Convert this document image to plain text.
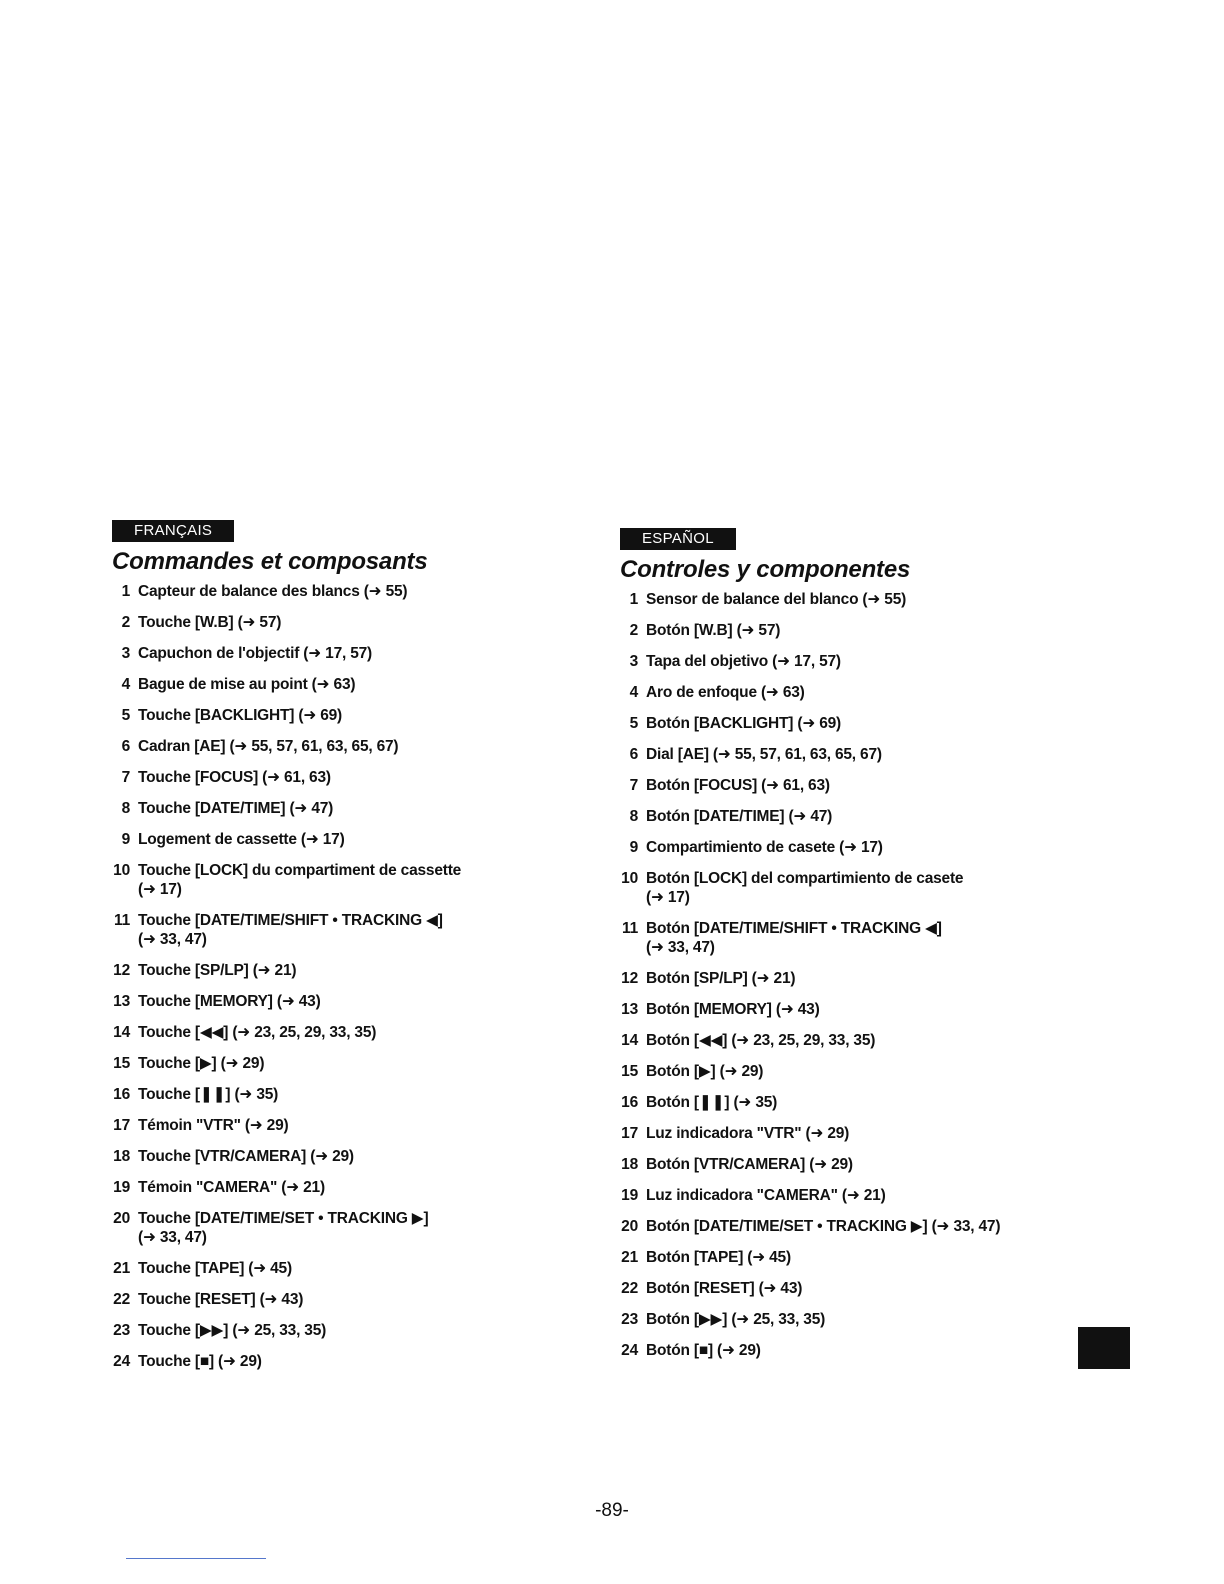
FRANÇAIS
Commandes et composants
1 Capteur de balance des blancs (➜ 55)
2 Touche [W.B] (➜ 57)
3 Capuchon de l'objectif (➜ 17, 57)
4 Bague de mise au point (➜ 63)
5 Touche [BACKLIGHT] (➜ 69)
6 Cadran [AE] (➜ 55, 57, 61, 63, 65, 67)
7 Touche [FOCUS] (➜ 61, 63)
8 Touche [DATE/TIME] (➜ 47)
9 Logement de cassette (➜ 17)
10 Touche [LOCK] du compartiment de cassette
(➜ 17)
11 Touche [DATE/TIME/SHIFT • TRACKING ◀]
(➜ 33, 47)
12 Touche [SP/LP] (➜ 21)
13 Touche [MEMORY] (➜ 43)
14 Touche [◀◀] (➜ 23, 25, 29, 33, 35)
15 Touche [▶] (➜ 29)
16 Touche [❚❚] (➜ 35)
17 Témoin "VTR" (➜ 29)
18 Touche [VTR/CAMERA] (➜ 29)
19 Témoin "CAMERA" (➜ 21)
20 Touche [DATE/TIME/SET • TRACKING ▶]
(➜ 33, 47)
21 Touche [TAPE] (➜ 45)
22 Touche [RESET] (➜ 43)
23 Touche [▶▶] (➜ 25, 33, 35)
24 Touche [■] (➜ 29)
ESPAÑOL
Controles y componentes
1 Sensor de balance del blanco (➜ 55)
2 Botón [W.B] (➜ 57)
3 Tapa del objetivo (➜ 17, 57)
4 Aro de enfoque (➜ 63)
5 Botón [BACKLIGHT] (➜ 69)
6 Dial [AE] (➜ 55, 57, 61, 63, 65, 67)
7 Botón [FOCUS] (➜ 61, 63)
8 Botón [DATE/TIME] (➜ 47)
9 Compartimiento de casete (➜ 17)
10 Botón [LOCK] del compartimiento de casete
(➜ 17)
11 Botón [DATE/TIME/SHIFT • TRACKING ◀]
(➜ 33, 47)
12 Botón [SP/LP] (➜ 21)
13 Botón [MEMORY] (➜ 43)
14 Botón [◀◀] (➜ 23, 25, 29, 33, 35)
15 Botón [▶] (➜ 29)
16 Botón [❚❚] (➜ 35)
17 Luz indicadora "VTR" (➜ 29)
18 Botón [VTR/CAMERA] (➜ 29)
19 Luz indicadora "CAMERA" (➜ 21)
20 Botón [DATE/TIME/SET • TRACKING ▶] (➜ 33, 47)
21 Botón [TAPE] (➜ 45)
22 Botón [RESET] (➜ 43)
23 Botón [▶▶] (➜ 25, 33, 35)
24 Botón [■] (➜ 29)
-89-
